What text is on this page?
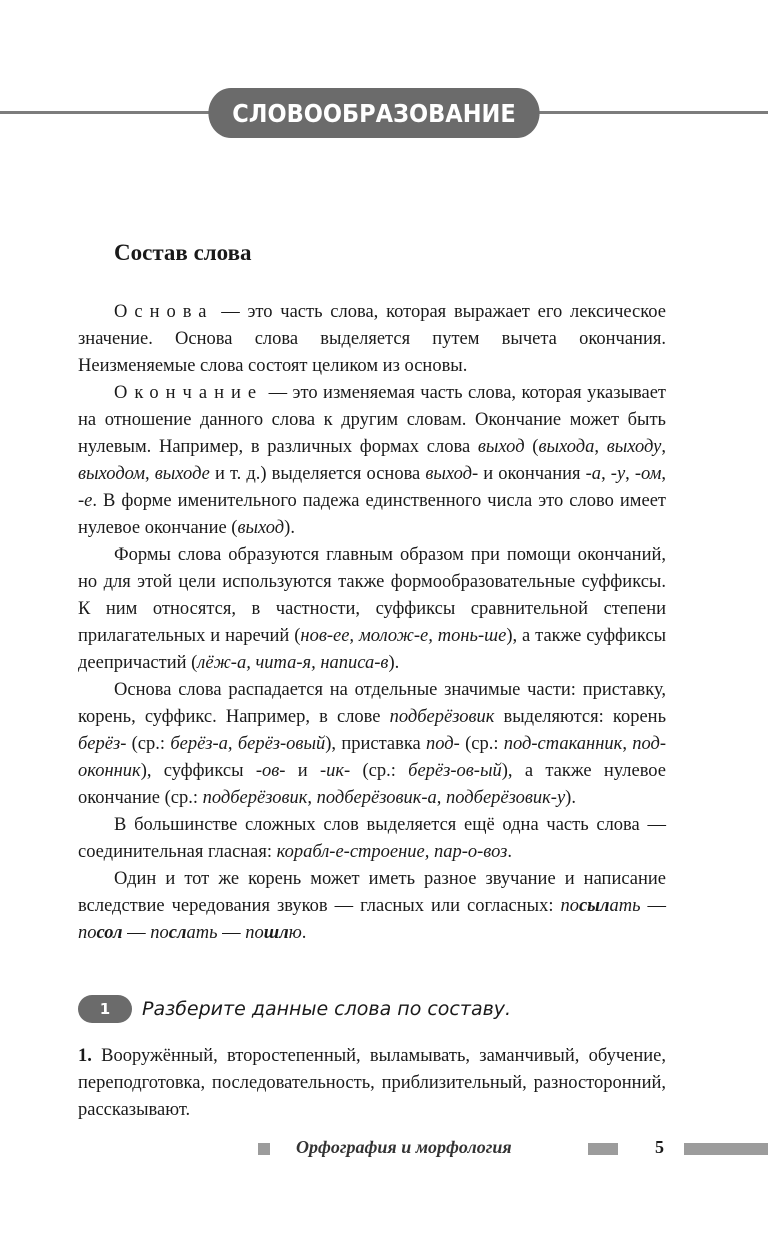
СЛОВООБРАЗОВАНИЕ
Состав слова

Основа — это часть слова, которая выражает его лексическое значение. Основа слова выделяется путем вычета окончания. Неизменяемые слова состоят целиком из основы.

Окончание — это изменяемая часть слова, которая указывает на отношение данного слова к другим словам. Окончание может быть нулевым. Например, в различных формах слова выход (выхода, выходу, выходом, выходе и т. д.) выделяется основа выход- и окончания -а, -у, -ом, -е. В форме именительного падежа единственного числа это слово имеет нулевое окончание (выход).

Формы слова образуются главным образом при помощи окончаний, но для этой цели используются также формообразовательные суффиксы. К ним относятся, в частности, суффиксы сравнительной степени прилагательных и наречий (нов-ее, молож-е, тонь-ше), а также суффиксы деепричастий (лёж-а, чита-я, написа-в).

Основа слова распадается на отдельные значимые части: приставку, корень, суффикс. Например, в слове подберёзовик выделяются: корень берёз- (ср.: берёз-а, берёз-овый), приставка под- (ср.: под-стаканник, под-оконник), суффиксы -ов- и -ик- (ср.: берёз-ов-ый), а также нулевое окончание (ср.: подберёзовик, подберёзовик-а, подберёзовик-у).

В большинстве сложных слов выделяется ещё одна часть слова — соединительная гласная: корабл-е-строение, пар-о-воз.

Один и тот же корень может иметь разное звучание и написание вследствие чередования звуков — гласных или согласных: посылать — посол — послать — пошлю.

1	Разберите данные слова по составу.

1. Вооружённый, второстепенный, выламывать, заманчивый, обучение, переподготовка, последовательность, приблизительный, разносторонний, рассказывают.

Орфография и морфология	5
